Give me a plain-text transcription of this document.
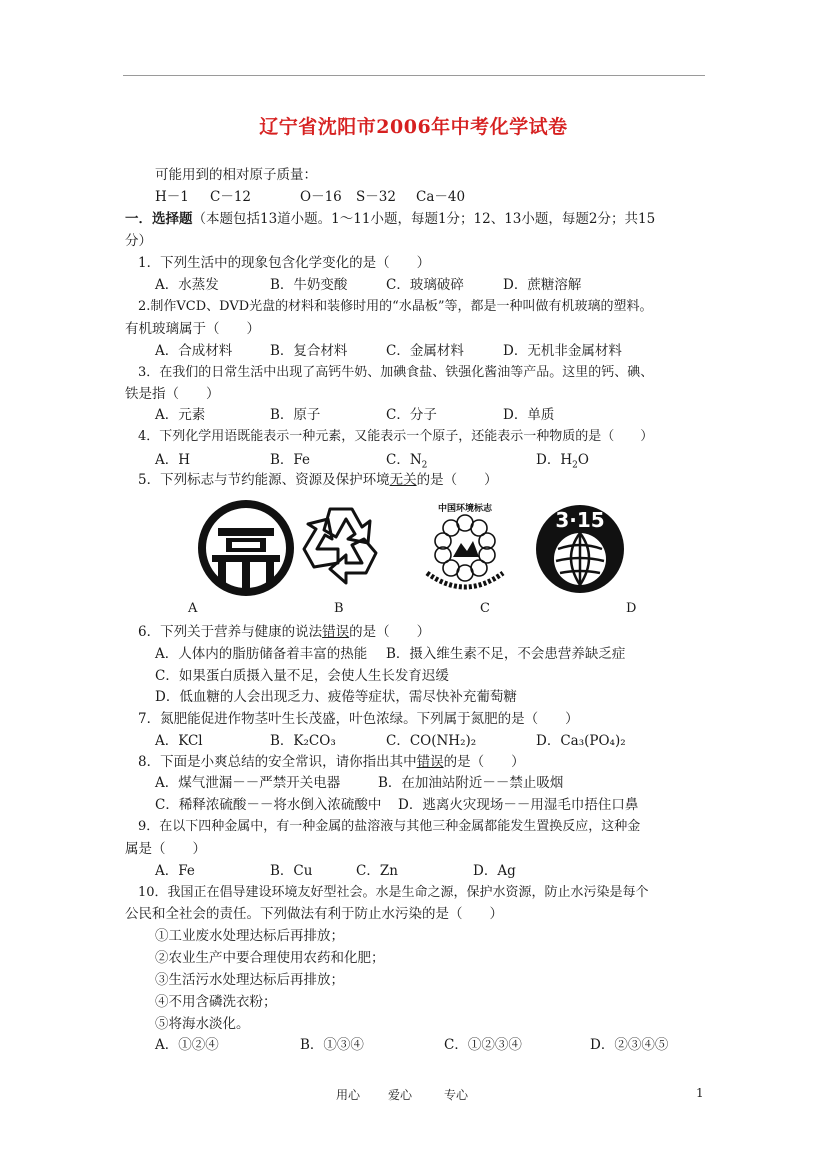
辽宁省沈阳市2006年中考化学试卷
可能用到的相对原子质量：
H－1 C－12	O－16 S－32 Ca－40
一．选择题（本题包括13道小题。1～11小题，每题1分；12、13小题，每题2分；共15
分）
1．下列生活中的现象包含化学变化的是（　　）
A．水蒸发	B．牛奶变酸	C．玻璃破碎	D．蔗糖溶解
2.制作VCD、DVD光盘的材料和装修时用的“水晶板”等，都是一种叫做有机玻璃的塑料。
有机玻璃属于（　　）
A．合成材料	B．复合材料	C．金属材料	D．无机非金属材料
3．在我们的日常生活中出现了高钙牛奶、加碘食盐、铁强化酱油等产品。这里的钙、碘、
铁是指（　　）
A．元素	B．原子	C．分子	D．单质
4．下列化学用语既能表示一种元素，又能表示一个原子，还能表示一种物质的是（　　）
A．H	B．Fe	C．$N_2$	D．$H_2O$
5．下列标志与节约能源、资源及保护环境无关的是（　　）
中国环境标志	3·15
A	B	C	D
6．下列关于营养与健康的说法错误的是（　　）
A．人体内的脂肪储备着丰富的热能 B．摄入维生素不足，不会患营养缺乏症
C．如果蛋白质摄入量不足，会使人生长发育迟缓
D．低血糖的人会出现乏力、疲倦等症状，需尽快补充葡萄糖
7．氮肥能促进作物茎叶生长茂盛，叶色浓绿。下列属于氮肥的是（　　）
A．KCl	B．K₂CO₃	C．CO(NH₂)₂	D．Ca₃(PO₄)₂
8．下面是小爽总结的安全常识，请你指出其中错误的是（　　）
A．煤气泄漏－－严禁开关电器	B．在加油站附近－－禁止吸烟
C．稀释浓硫酸－－将水倒入浓硫酸中 D．逃离火灾现场－－用湿毛巾捂住口鼻
9．在以下四种金属中，有一种金属的盐溶液与其他三种金属都能发生置换反应，这种金
属是（　　）
A．Fe	B．Cu	C．Zn	D．Ag
10．我国正在倡导建设环境友好型社会。水是生命之源，保护水资源，防止水污染是每个
公民和全社会的责任。下列做法有利于防止水污染的是（　　）
①工业废水处理达标后再排放；
②农业生产中要合理使用农药和化肥；
③生活污水处理达标后再排放；
④不用含磷洗衣粉；
⑤将海水淡化。
A．①②④	B．①③④	C．①②③④	D．②③④⑤
用心 爱心	专心	1
